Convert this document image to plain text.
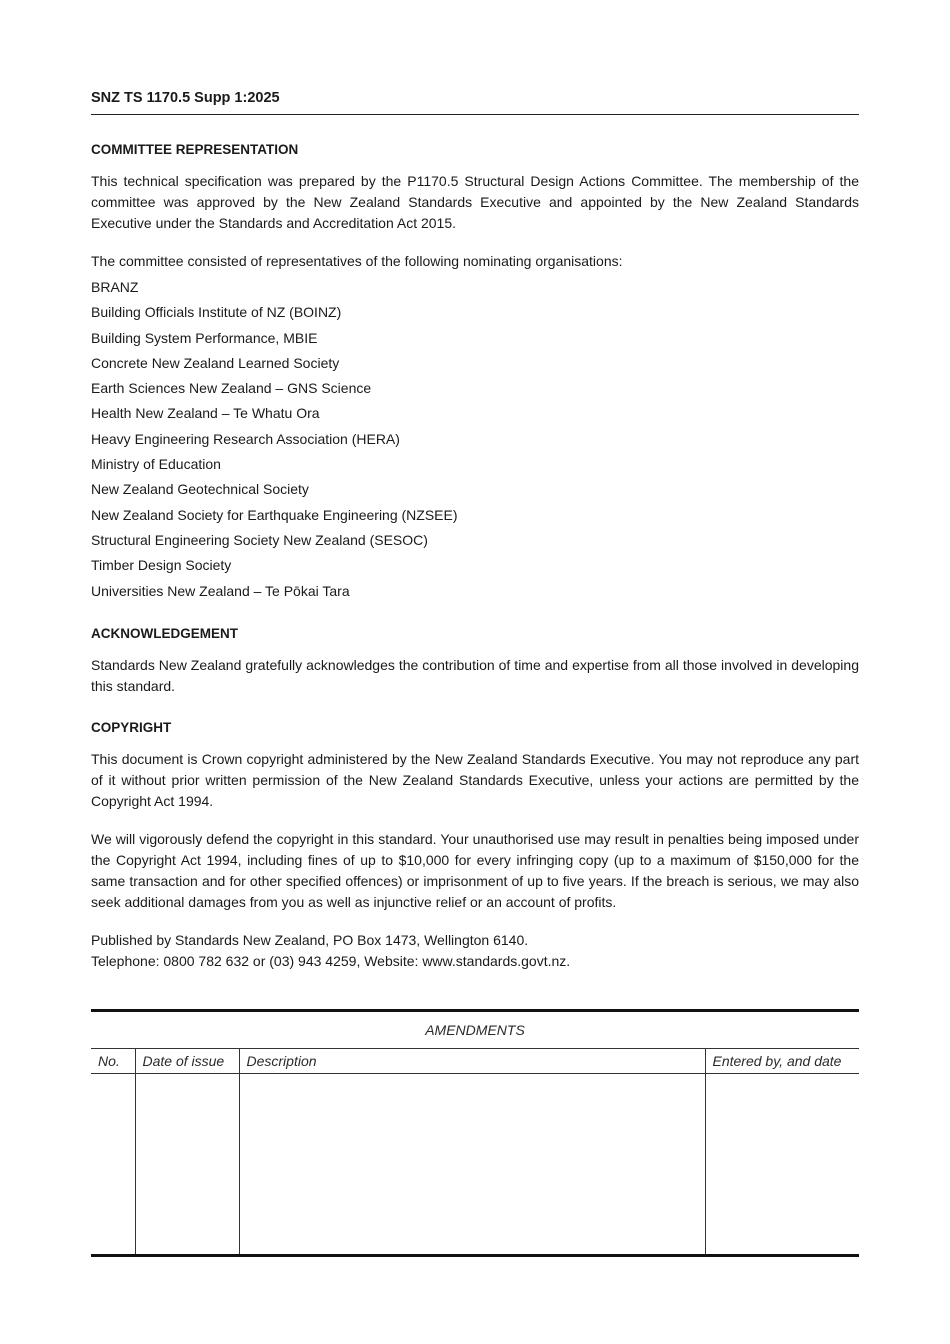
SNZ TS 1170.5 Supp 1:2025

COMMITTEE REPRESENTATION

This technical specification was prepared by the P1170.5 Structural Design Actions Committee. The membership of the committee was approved by the New Zealand Standards Executive and appointed by the New Zealand Standards Executive under the Standards and Accreditation Act 2015.

The committee consisted of representatives of the following nominating organisations:

BRANZ
Building Officials Institute of NZ (BOINZ)
Building System Performance, MBIE
Concrete New Zealand Learned Society
Earth Sciences New Zealand – GNS Science
Health New Zealand – Te Whatu Ora
Heavy Engineering Research Association (HERA)
Ministry of Education
New Zealand Geotechnical Society
New Zealand Society for Earthquake Engineering (NZSEE)
Structural Engineering Society New Zealand (SESOC)
Timber Design Society
Universities New Zealand – Te Pōkai Tara

ACKNOWLEDGEMENT

Standards New Zealand gratefully acknowledges the contribution of time and expertise from all those involved in developing this standard.

COPYRIGHT

This document is Crown copyright administered by the New Zealand Standards Executive. You may not reproduce any part of it without prior written permission of the New Zealand Standards Executive, unless your actions are permitted by the Copyright Act 1994.

We will vigorously defend the copyright in this standard. Your unauthorised use may result in penalties being imposed under the Copyright Act 1994, including fines of up to $10,000 for every infringing copy (up to a maximum of $150,000 for the same transaction and for other specified offences) or imprisonment of up to five years. If the breach is serious, we may also seek additional damages from you as well as injunctive relief or an account of profits.

Published by Standards New Zealand, PO Box 1473, Wellington 6140.

Telephone: 0800 782 632 or (03) 943 4259, Website: www.standards.govt.nz.

AMENDMENTS			
No.	Date of issue	Description	Entered by, and date
